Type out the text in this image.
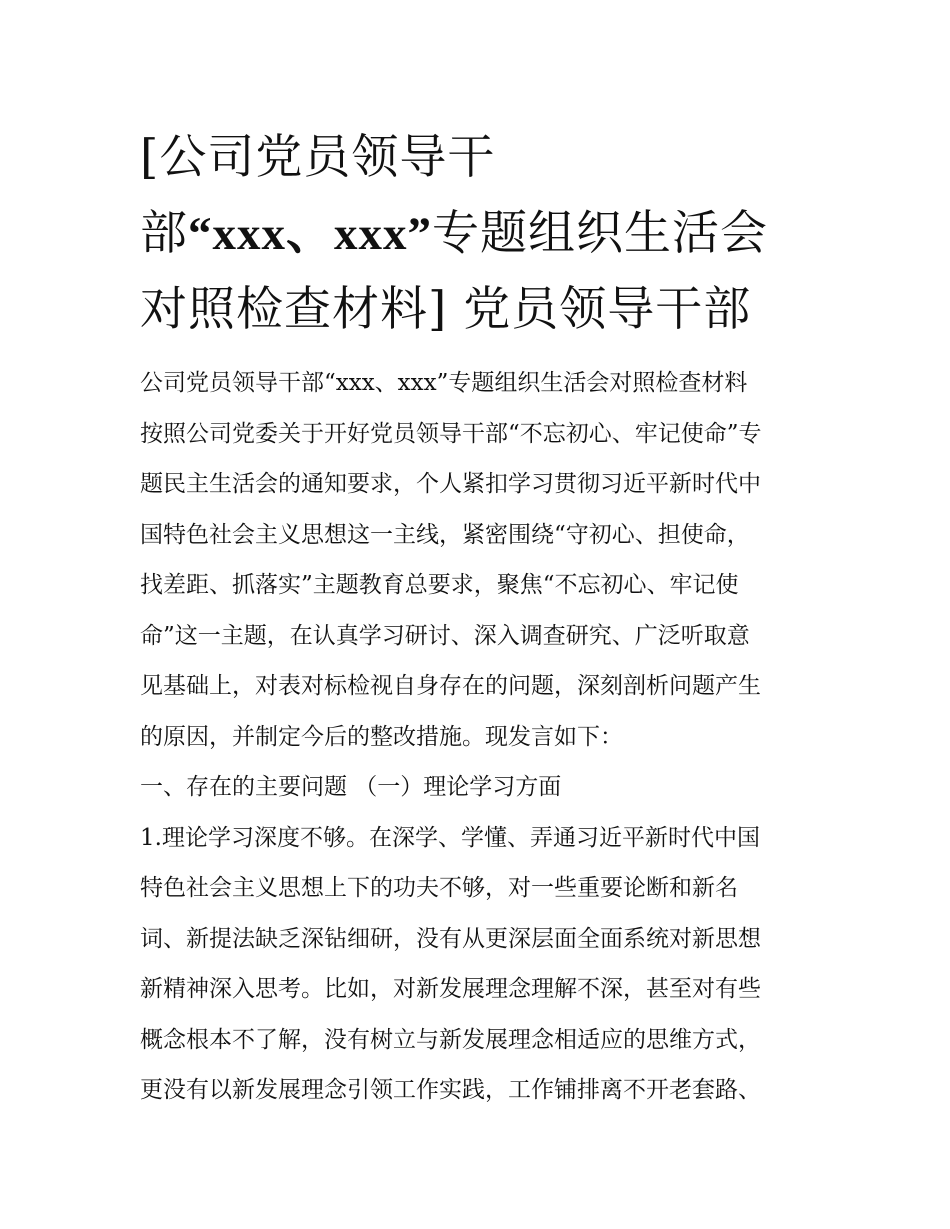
[公司党员领导干
部“xxx、xxx”专题组织生活会
对照检查材料] 党员领导干部
公司党员领导干部“xxx、xxx”专题组织生活会对照检查材料
按照公司党委关于开好党员领导干部“不忘初心、牢记使命”专
题民主生活会的通知要求，个人紧扣学习贯彻习近平新时代中
国特色社会主义思想这一主线，紧密围绕“守初心、担使命，
找差距、抓落实”主题教育总要求，聚焦“不忘初心、牢记使
命”这一主题，在认真学习研讨、深入调查研究、广泛听取意
见基础上，对表对标检视自身存在的问题，深刻剖析问题产生
的原因，并制定今后的整改措施。现发言如下：
一、存在的主要问题 （一）理论学习方面
1.理论学习深度不够。在深学、学懂、弄通习近平新时代中国
特色社会主义思想上下的功夫不够，对一些重要论断和新名
词、新提法缺乏深钻细研，没有从更深层面全面系统对新思想
新精神深入思考。比如，对新发展理念理解不深，甚至对有些
概念根本不了解，没有树立与新发展理念相适应的思维方式，
更没有以新发展理念引领工作实践，工作铺排离不开老套路、
